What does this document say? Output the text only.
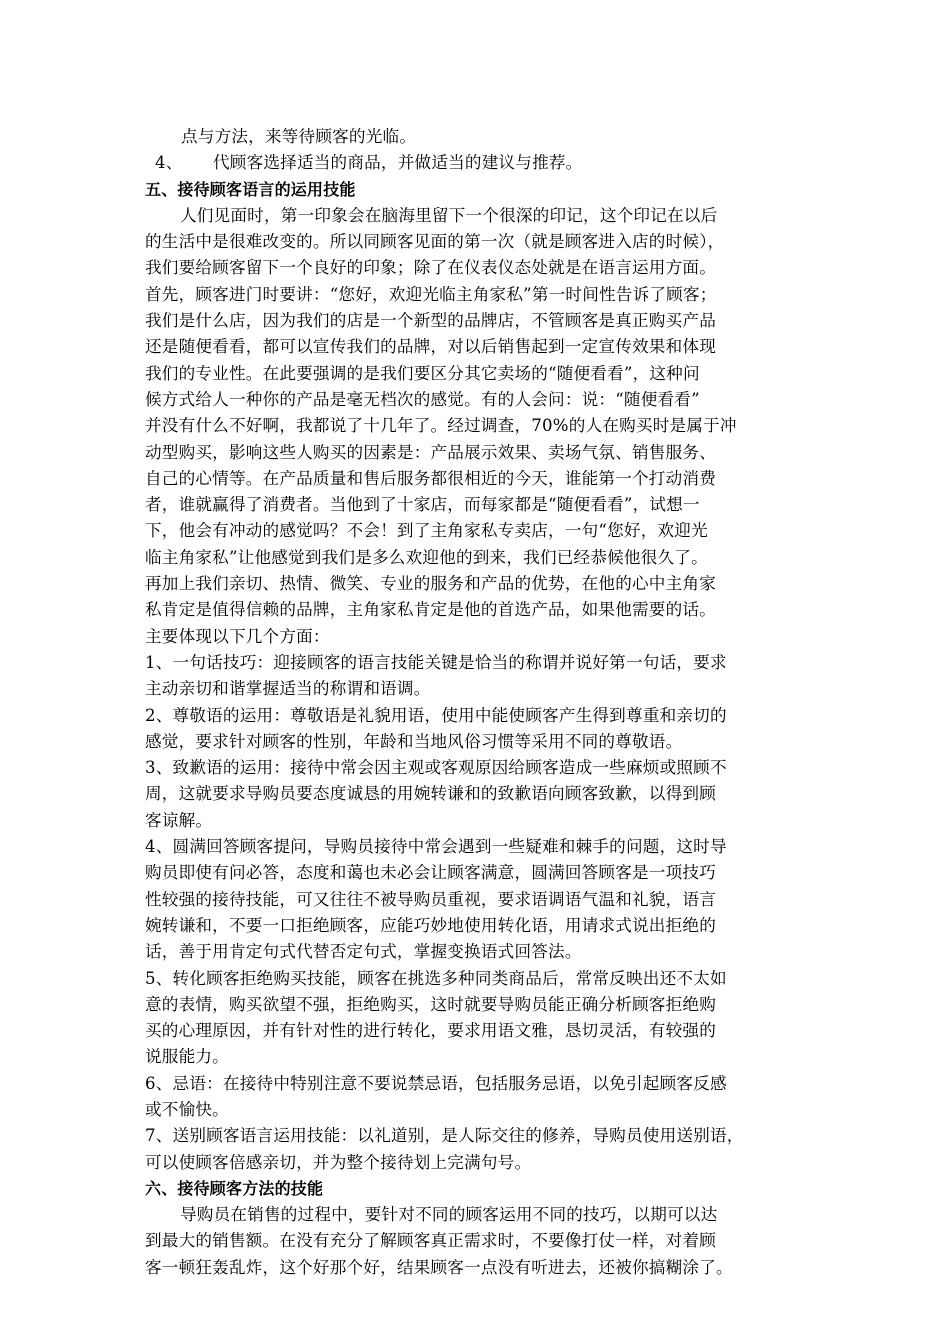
点与方法，来等待顾客的光临。
4、 代顾客选择适当的商品，并做适当的建议与推荐。
五、接待顾客语言的运用技能
人们见面时，第一印象会在脑海里留下一个很深的印记，这个印记在以后
的生活中是很难改变的。所以同顾客见面的第一次（就是顾客进入店的时候），
我们要给顾客留下一个良好的印象；除了在仪表仪态处就是在语言运用方面。
首先，顾客进门时要讲：“您好，欢迎光临主角家私”第一时间性告诉了顾客；
我们是什么店，因为我们的店是一个新型的品牌店，不管顾客是真正购买产品
还是随便看看，都可以宣传我们的品牌，对以后销售起到一定宣传效果和体现
我们的专业性。在此要强调的是我们要区分其它卖场的“随便看看”，这种问
候方式给人一种你的产品是毫无档次的感觉。有的人会问：说：“随便看看”
并没有什么不好啊，我都说了十几年了。经过调查，70%的人在购买时是属于冲
动型购买，影响这些人购买的因素是：产品展示效果、卖场气氛、销售服务、
自己的心情等。在产品质量和售后服务都很相近的今天，谁能第一个打动消费
者，谁就赢得了消费者。当他到了十家店，而每家都是“随便看看”，试想一
下，他会有冲动的感觉吗？不会！到了主角家私专卖店，一句“您好，欢迎光
临主角家私”让他感觉到我们是多么欢迎他的到来，我们已经恭候他很久了。
再加上我们亲切、热情、微笑、专业的服务和产品的优势，在他的心中主角家
私肯定是值得信赖的品牌，主角家私肯定是他的首选产品，如果他需要的话。
主要体现以下几个方面：
1、一句话技巧：迎接顾客的语言技能关键是恰当的称谓并说好第一句话，要求
主动亲切和谐掌握适当的称谓和语调。
2、尊敬语的运用：尊敬语是礼貌用语，使用中能使顾客产生得到尊重和亲切的
感觉，要求针对顾客的性别，年龄和当地风俗习惯等采用不同的尊敬语。
3、致歉语的运用：接待中常会因主观或客观原因给顾客造成一些麻烦或照顾不
周，这就要求导购员要态度诚恳的用婉转谦和的致歉语向顾客致歉，以得到顾
客谅解。
4、圆满回答顾客提问，导购员接待中常会遇到一些疑难和棘手的问题，这时导
购员即使有问必答，态度和蔼也未必会让顾客满意，圆满回答顾客是一项技巧
性较强的接待技能，可又往往不被导购员重视，要求语调语气温和礼貌，语言
婉转谦和，不要一口拒绝顾客，应能巧妙地使用转化语，用请求式说出拒绝的
话，善于用肯定句式代替否定句式，掌握变换语式回答法。
5、转化顾客拒绝购买技能，顾客在挑选多种同类商品后，常常反映出还不太如
意的表情，购买欲望不强，拒绝购买，这时就要导购员能正确分析顾客拒绝购
买的心理原因，并有针对性的进行转化，要求用语文雅，恳切灵活，有较强的
说服能力。
6、忌语：在接待中特别注意不要说禁忌语，包括服务忌语，以免引起顾客反感
或不愉快。
7、送别顾客语言运用技能：以礼道别，是人际交往的修养，导购员使用送别语，
可以使顾客倍感亲切，并为整个接待划上完满句号。
六、接待顾客方法的技能
导购员在销售的过程中，要针对不同的顾客运用不同的技巧，以期可以达
到最大的销售额。在没有充分了解顾客真正需求时，不要像打仗一样，对着顾
客一顿狂轰乱炸，这个好那个好，结果顾客一点没有听进去，还被你搞糊涂了。
